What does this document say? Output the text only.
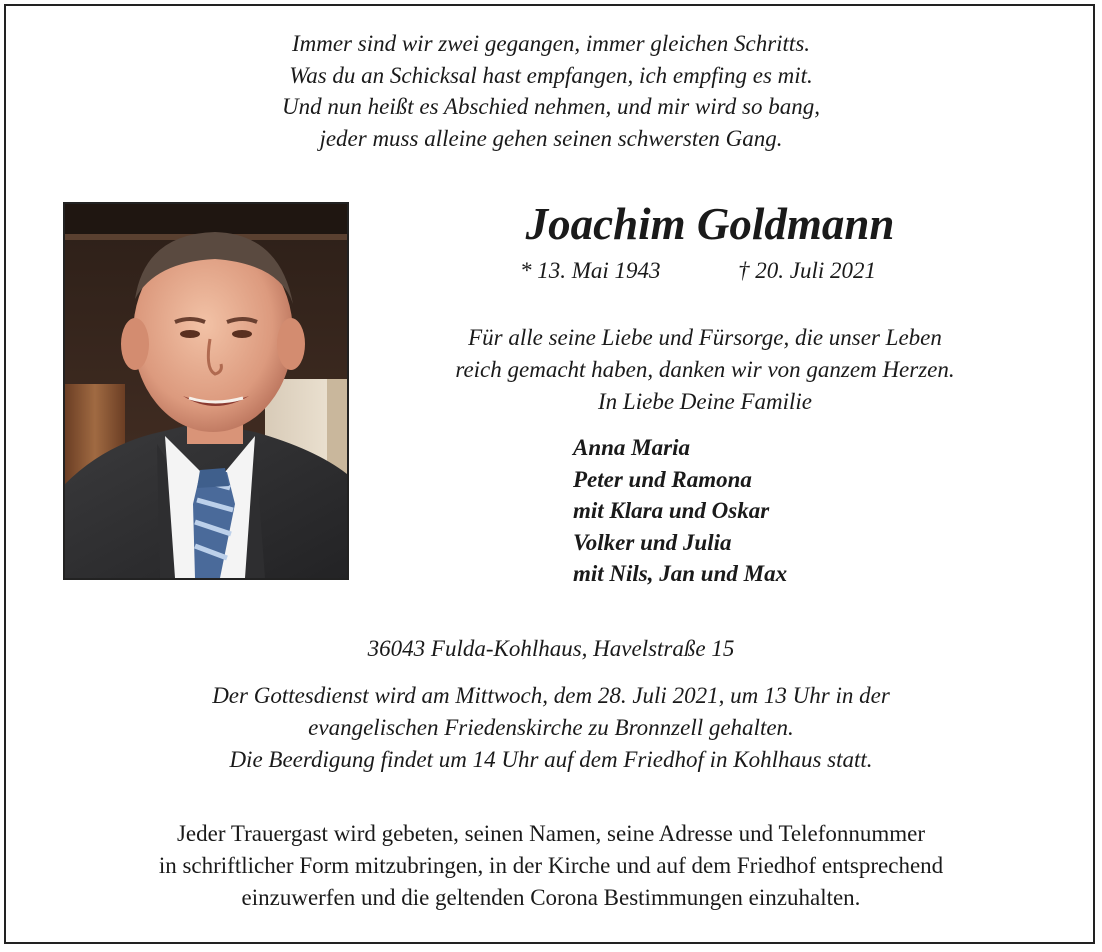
Immer sind wir zwei gegangen, immer gleichen Schritts.
Was du an Schicksal hast empfangen, ich empfing es mit.
Und nun heißt es Abschied nehmen, und mir wird so bang,
jeder muss alleine gehen seinen schwersten Gang.
Joachim Goldmann
* 13. Mai 1943	† 20. Juli 2021
Für alle seine Liebe und Fürsorge, die unser Leben
reich gemacht haben, danken wir von ganzem Herzen.
In Liebe Deine Familie
Anna Maria
Peter und Ramona
mit Klara und Oskar
Volker und Julia
mit Nils, Jan und Max
36043 Fulda-Kohlhaus, Havelstraße 15
Der Gottesdienst wird am Mittwoch, dem 28. Juli 2021, um 13 Uhr in der
evangelischen Friedenskirche zu Bronnzell gehalten.
Die Beerdigung findet um 14 Uhr auf dem Friedhof in Kohlhaus statt.
Jeder Trauergast wird gebeten, seinen Namen, seine Adresse und Telefonnummer
in schriftlicher Form mitzubringen, in der Kirche und auf dem Friedhof entsprechend
einzuwerfen und die geltenden Corona Bestimmungen einzuhalten.
